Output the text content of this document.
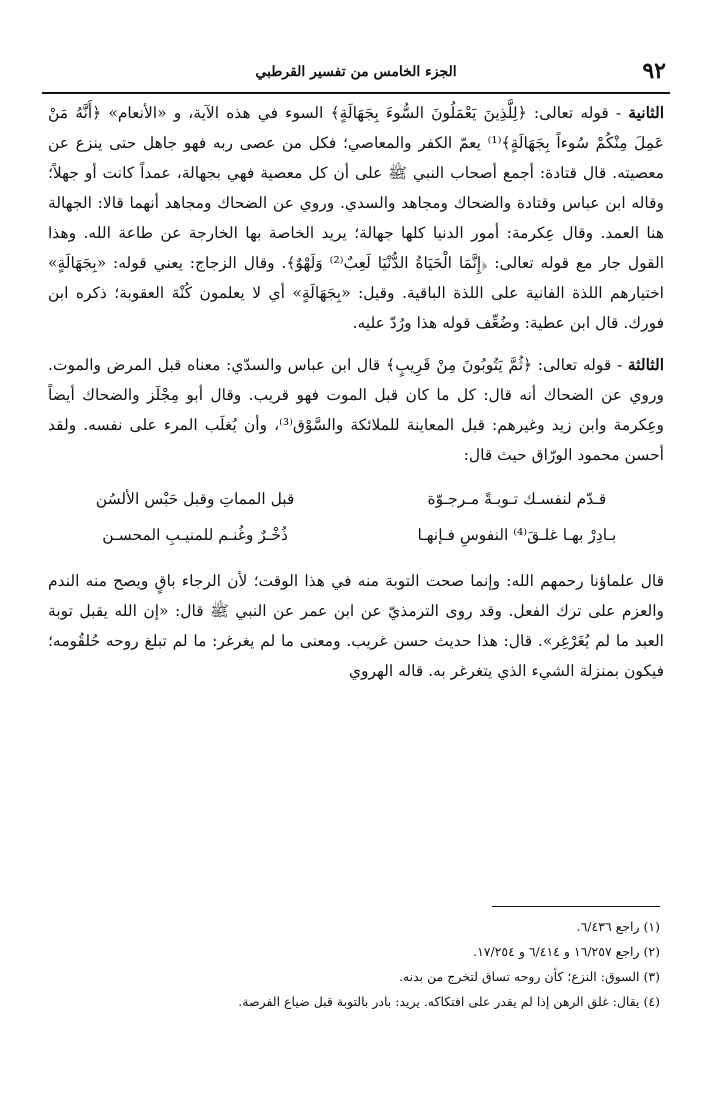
٩٢
الجزء الخامس من تفسير القرطبي

الثانية - قوله تعالى: ﴿لِلَّذِينَ يَعْمَلُونَ السُّوءَ بِجَهَالَةٍ﴾ السوء في هذه الآية، و «الأنعام» ﴿أَنَّهُ مَنْ عَمِلَ مِنْكُمْ سُوءاً بِجَهَالَةٍ﴾⁽¹⁾ يعمّ الكفر والمعاصي؛ فكل من عصى ربه فهو جاهل حتى ينزع عن معصيته. قال قتادة: أجمع أصحاب النبي ﷺ على أن كل معصية فهي بجهالة، عمداً كانت أو جهلاً؛ وقاله ابن عباس وقتادة والضحاك ومجاهد والسدي. وروي عن الضحاك ومجاهد أنهما قالا: الجهالة هنا العمد. وقال عِكرمة: أمور الدنيا كلها جهالة؛ يريد الخاصة بها الخارجة عن طاعة الله. وهذا القول جار مع قوله تعالى: ﴿إِنَّمَا الْحَيَاةُ الدُّنْيَا لَعِبٌ⁽²⁾ وَلَهْوٌ﴾. وقال الزجاج: يعني قوله: «بِجَهَالَةٍ» اختيارهم اللذة الفانية على اللذة الباقية. وقيل: «بِجَهَالَةٍ» أي لا يعلمون كُنْهَ العقوبة؛ ذكره ابن فورك. قال ابن عطية: وضُعِّف قوله هذا ورُدّ عليه.

الثالثة - قوله تعالى: ﴿ثُمَّ يَتُوبُونَ مِنْ قَرِيبٍ﴾ قال ابن عباس والسدّي: معناه قبل المرض والموت. وروي عن الضحاك أنه قال: كل ما كان قبل الموت فهو قريب. وقال أبو مِجْلَز والضحاك أيضاً وعِكرمة وابن زيد وغيرهم: قبل المعاينة للملائكة والسَّوْق⁽³⁾، وأن يُغلَب المرء على نفسه. ولقد أحسن محمود الورّاق حيث قال:

قـدّم لنفسـك تـوبـةً مـرجـوّة
قبل المماتِ وقبل حَبْس الألسُن
بـادِرْ بهـا غلـقَ⁽⁴⁾ النفوسِ فـإنهـا
ذُخْـرٌ وغُنـم للمنيـبِ المحسـن

قال علماؤنا رحمهم الله: وإنما صحت التوبة منه في هذا الوقت؛ لأن الرجاء باقٍ ويصح منه الندم والعزم على ترك الفعل. وقد روى الترمذيّ عن ابن عمر عن النبي ﷺ قال: «إن الله يقبل توبة العبد ما لم يُغَرْغِر». قال: هذا حديث حسن غريب. ومعنى ما لم يغرغر: ما لم تبلغ روحه حُلقُومه؛ فيكون بمنزلة الشيء الذي يتغرغر به. قاله الهروي

(١) راجع ٦/٤٣٦.
(٢) راجع ١٦/٢٥٧ و ٦/٤١٤ و ١٧/٢٥٤.
(٣) السوق: النزع؛ كأن روحه تساق لتخرج من بدنه.
(٤) يقال: غلق الرهن إذا لم يقدر على افتكاكه. يريد: بادر بالتوبة قبل ضياع الفرصة.
